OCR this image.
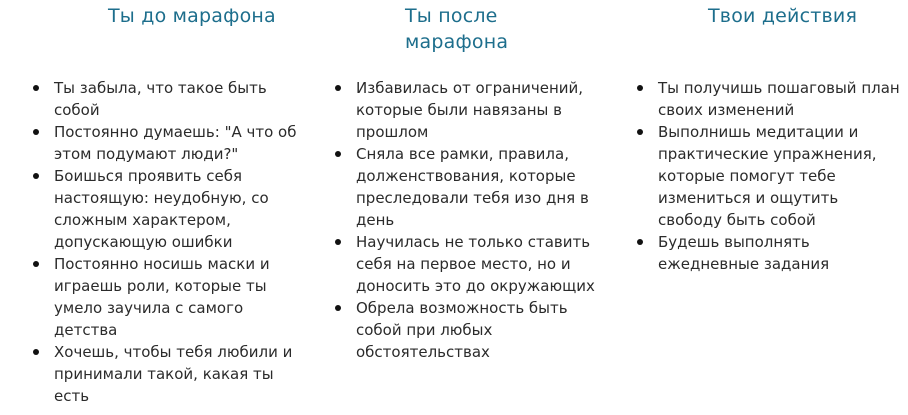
Ты до марафона
Ты забыла, что такое быть собой
Постоянно думаешь: "А что об этом подумают люди?"
Боишься проявить себя настоящую: неудобную, со сложным характером, допускающую ошибки
Постоянно носишь маски и играешь роли, которые ты умело заучила с самого детства
Хочешь, чтобы тебя любили и принимали такой, какая ты есть
Ты после марафона
Избавилась от ограничений, которые были навязаны в прошлом
Сняла все рамки, правила, долженствования, которые преследовали тебя изо дня в день
Научилась не только ставить себя на первое место, но и доносить это до окружающих
Обрела возможность быть собой при любых обстоятельствах
Твои действия
Ты получишь пошаговый план своих изменений
Выполнишь медитации и практические упражнения, которые помогут тебе измениться и ощутить свободу быть собой
Будешь выполнять ежедневные задания
